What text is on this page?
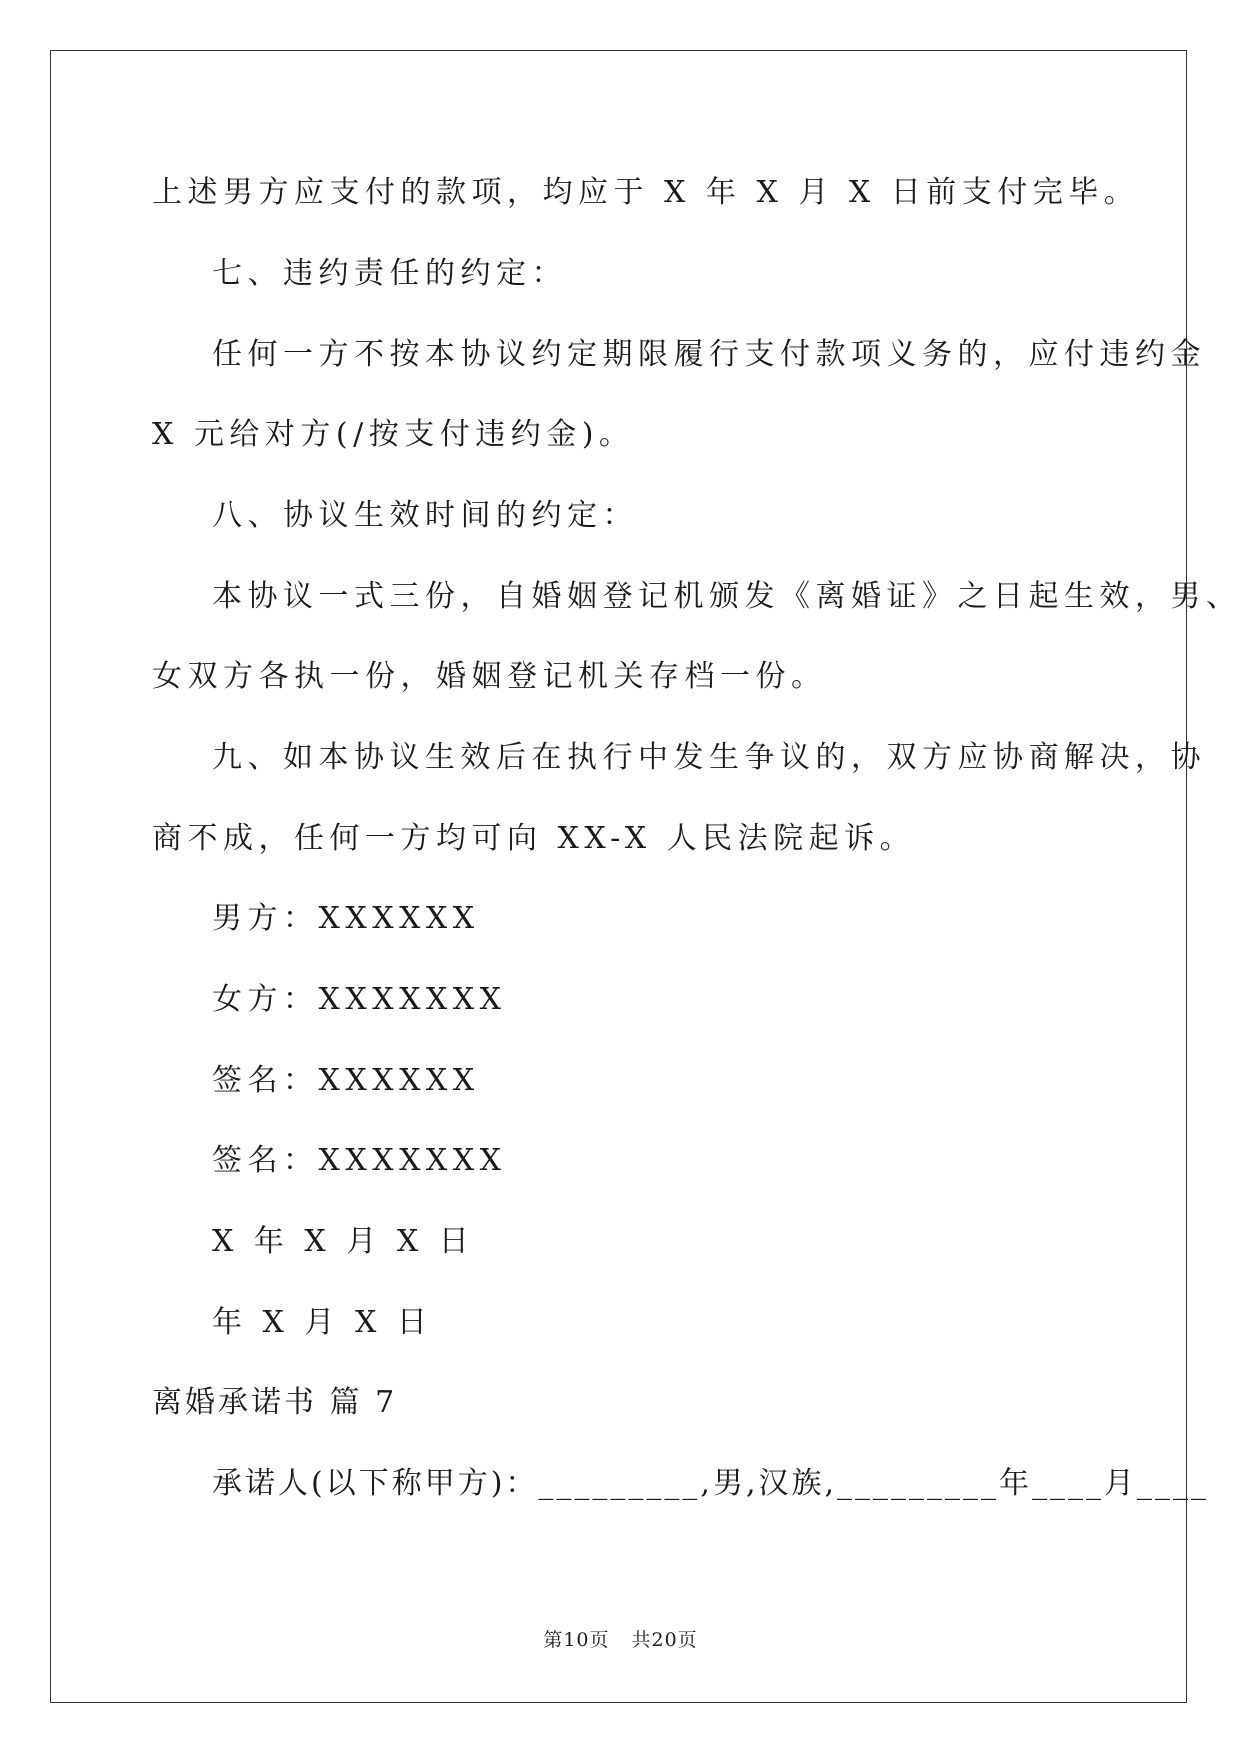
上述男方应支付的款项，均应于 X 年 X 月 X 日前支付完毕。
七、违约责任的约定：
任何一方不按本协议约定期限履行支付款项义务的，应付违约金
X 元给对方(/按支付违约金)。
八、协议生效时间的约定：
本协议一式三份，自婚姻登记机颁发《离婚证》之日起生效，男、
女双方各执一份，婚姻登记机关存档一份。
九、如本协议生效后在执行中发生争议的，双方应协商解决，协
商不成，任何一方均可向 XX-X 人民法院起诉。
男方：XXXXXX
女方：XXXXXXX
签名：XXXXXX
签名：XXXXXXX
X 年 X 月 X 日
年 X 月 X 日
离婚承诺书 篇 7
承诺人(以下称甲方)：_________,男,汉族,_________年____月____
第10页 共20页
